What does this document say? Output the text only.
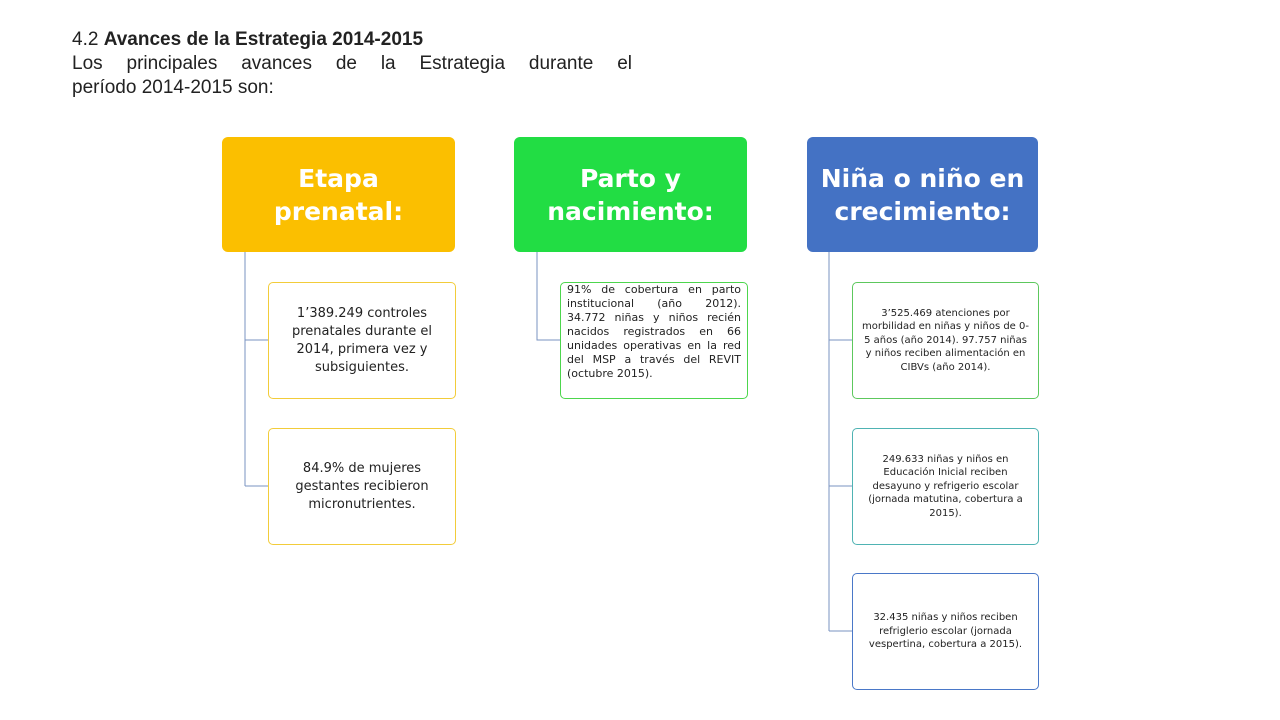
4.2 Avances de la Estrategia 2014-2015
Los principales avances de la Estrategia durante el
período 2014-2015 son:
Etapa prenatal:
1’389.249 controles prenatales durante el 2014, primera vez y subsiguientes.
84.9% de mujeres gestantes recibieron micronutrientes.
Parto y nacimiento:
91% de cobertura en parto institucional (año 2012). 34.772 niñas y niños recién nacidos registrados en 66 unidades operativas en la red del MSP a través del REVIT (octubre 2015).
Niña o niño en crecimiento:
3’525.469 atenciones por morbilidad en niñas y niños de 0-5 años (año 2014). 97.757 niñas y niños reciben alimentación en CIBVs (año 2014).
249.633 niñas y niños en Educación Inicial reciben desayuno y refrigerio escolar (jornada matutina, cobertura a 2015).
32.435 niñas y niños reciben refriglerio escolar (jornada vespertina, cobertura a 2015).
